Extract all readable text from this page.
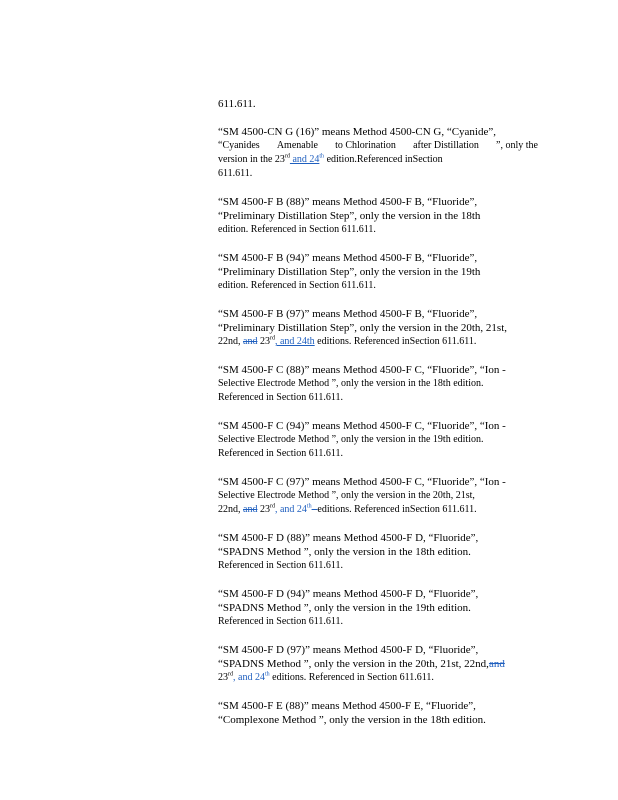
611.611.
“SM 4500-CN G (16)” means Method 4500-CN G, “Cyanide”,
“Cyanides Amenable to Chlorination after Distillation ”, only the
version in the 23rd and 24th edition.Referenced inSection
611.611.
“SM 4500-F B (88)” means Method 4500-F B, “Fluoride”,
“Preliminary Distillation Step”, only the version in the 18th
edition. Referenced in Section 611.611.
“SM 4500-F B (94)” means Method 4500-F B, “Fluoride”,
“Preliminary Distillation Step”, only the version in the 19th
edition. Referenced in Section 611.611.
“SM 4500-F B (97)” means Method 4500-F B, “Fluoride”,
“Preliminary Distillation Step”, only the version in the 20th, 21st,
22nd, and 23rd, and 24th editions. Referenced inSection 611.611.
“SM 4500-F C (88)” means Method 4500-F C, “Fluoride”, “Ion -
Selective Electrode Method ”, only the version in the 18th edition.
Referenced in Section 611.611.
“SM 4500-F C (94)” means Method 4500-F C, “Fluoride”, “Ion -
Selective Electrode Method ”, only the version in the 19th edition.
Referenced in Section 611.611.
“SM 4500-F C (97)” means Method 4500-F C, “Fluoride”, “Ion -
Selective Electrode Method ”, only the version in the 20th, 21st,
22nd, and 23rd, and 24th -editions. Referenced inSection 611.611.
“SM 4500-F D (88)” means Method 4500-F D, “Fluoride”,
“SPADNS Method ”, only the version in the 18th edition.
Referenced in Section 611.611.
“SM 4500-F D (94)” means Method 4500-F D, “Fluoride”,
“SPADNS Method ”, only the version in the 19th edition.
Referenced in Section 611.611.
“SM 4500-F D (97)” means Method 4500-F D, “Fluoride”,
“SPADNS Method ”, only the version in the 20th, 21st, 22nd,and
23rd, and 24th editions. Referenced in Section 611.611.
“SM 4500-F E (88)” means Method 4500-F E, “Fluoride”,
“Complexone Method ”, only the version in the 18th edition.
